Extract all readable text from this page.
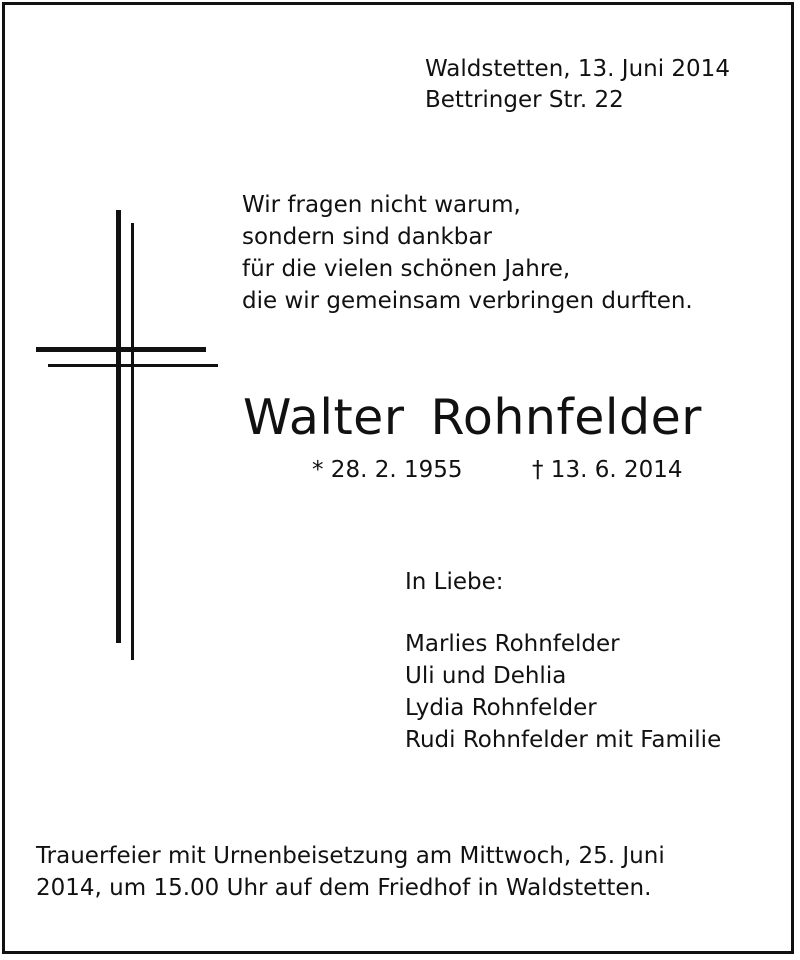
Waldstetten, 13. Juni 2014
Bettringer Str. 22
Wir fragen nicht warum,
sondern sind dankbar
für die vielen schönen Jahre,
die wir gemeinsam verbringen durften.
Walter Rohnfelder
* 28. 2. 1955	† 13. 6. 2014
In Liebe:
Marlies Rohnfelder
Uli und Dehlia
Lydia Rohnfelder
Rudi Rohnfelder mit Familie
Trauerfeier mit Urnenbeisetzung am Mittwoch, 25. Juni
2014, um 15.00 Uhr auf dem Friedhof in Waldstetten.
